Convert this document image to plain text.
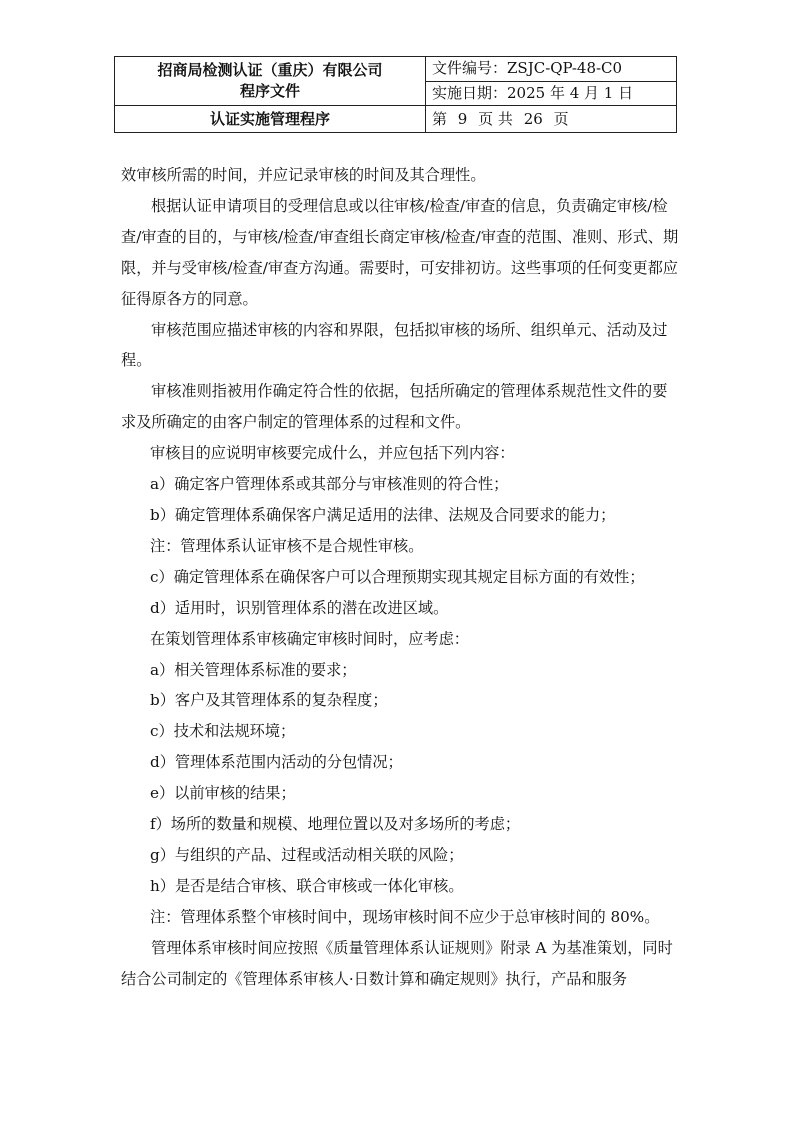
招商局检测认证（重庆）有限公司
程序文件	文件编号：ZSJC-QP-48-C0
	实施日期：2025 年 4 月 1 日
认证实施管理程序	第 9 页 共 26 页

效审核所需的时间，并应记录审核的时间及其合理性。

根据认证申请项目的受理信息或以往审核/检查/审查的信息，负责确定审核/检查/审查的目的，与审核/检查/审查组长商定审核/检查/审查的范围、准则、形式、期限，并与受审核/检查/审查方沟通。需要时，可安排初访。这些事项的任何变更都应征得原各方的同意。

审核范围应描述审核的内容和界限，包括拟审核的场所、组织单元、活动及过程。

审核准则指被用作确定符合性的依据，包括所确定的管理体系规范性文件的要求及所确定的由客户制定的管理体系的过程和文件。

审核目的应说明审核要完成什么，并应包括下列内容：

a）确定客户管理体系或其部分与审核准则的符合性；

b）确定管理体系确保客户满足适用的法律、法规及合同要求的能力；

注：管理体系认证审核不是合规性审核。

c）确定管理体系在确保客户可以合理预期实现其规定目标方面的有效性；

d）适用时，识别管理体系的潜在改进区域。

在策划管理体系审核确定审核时间时，应考虑：

a）相关管理体系标准的要求；

b）客户及其管理体系的复杂程度；

c）技术和法规环境；

d）管理体系范围内活动的分包情况；

e）以前审核的结果；

f）场所的数量和规模、地理位置以及对多场所的考虑；

g）与组织的产品、过程或活动相关联的风险；

h）是否是结合审核、联合审核或一体化审核。

注：管理体系整个审核时间中，现场审核时间不应少于总审核时间的 80%。

管理体系审核时间应按照《质量管理体系认证规则》附录 A 为基准策划，同时结合公司制定的《管理体系审核人·日数计算和确定规则》执行，产品和服务
